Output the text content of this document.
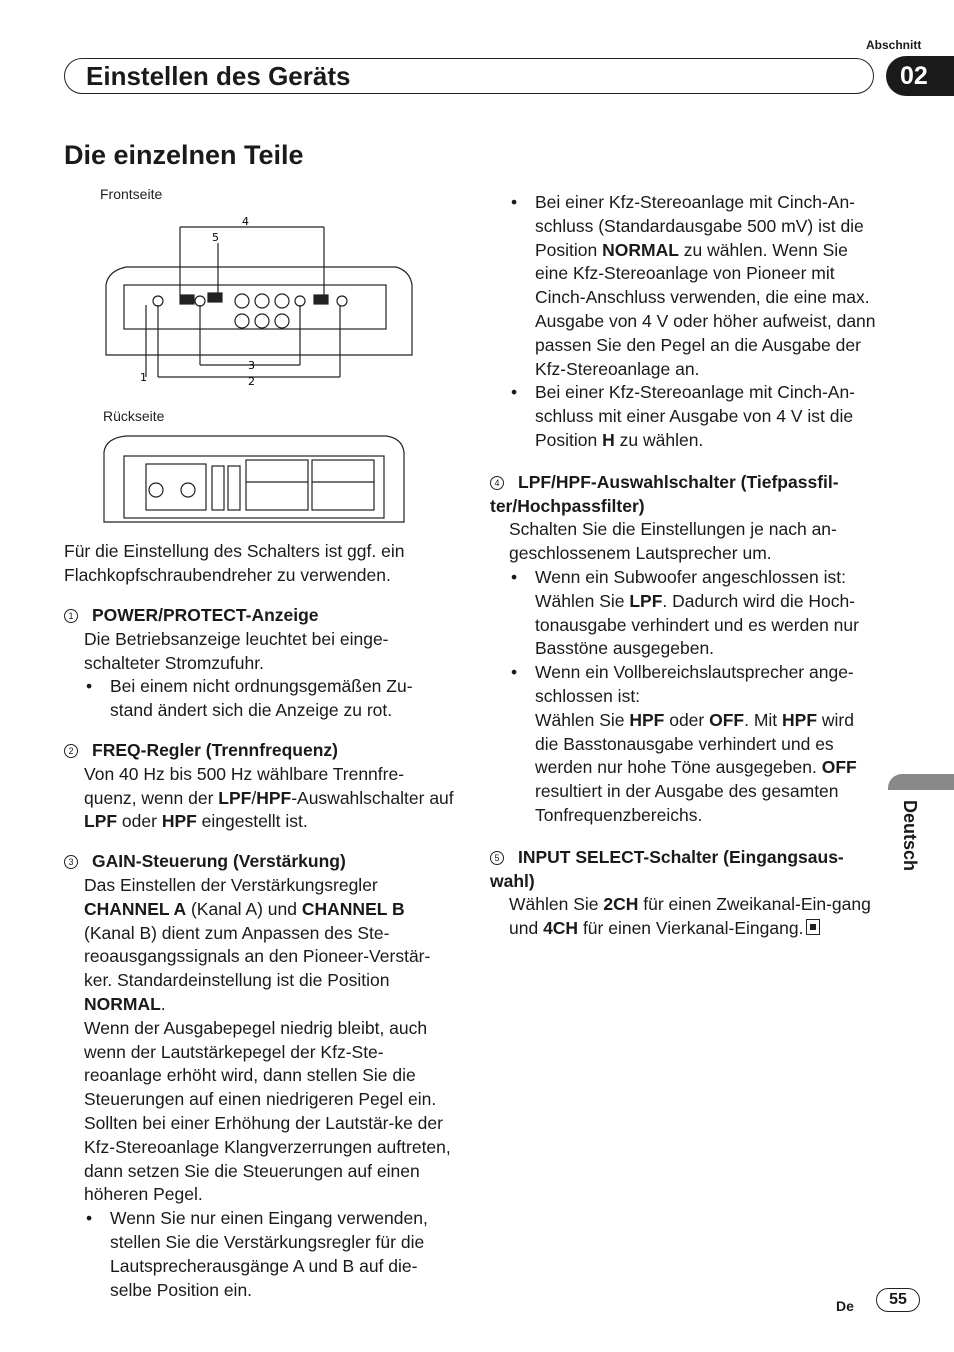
Abschnitt
Einstellen des Geräts	02
Die einzelnen Teile
Frontseite
4
5
3
2
1
Rückseite
Für die Einstellung des Schalters ist ggf. ein Flachkopfschraubendreher zu verwenden.
1 POWER/PROTECT-Anzeige

Die Betriebsanzeige leuchtet bei einge-schalteter Stromzufuhr.

• Bei einem nicht ordnungsgemäßen Zu-stand ändert sich die Anzeige zu rot.

2 FREQ-Regler (Trennfrequenz)

Von 40 Hz bis 500 Hz wählbare Trennfre-quenz, wenn der LPF/HPF-Auswahlschalter auf LPF oder HPF eingestellt ist.

3 GAIN-Steuerung (Verstärkung)

Das Einstellen der Verstärkungsregler CHANNEL A (Kanal A) und CHANNEL B (Kanal B) dient zum Anpassen des Ste-reoausgangssignals an den Pioneer-Verstär-ker. Standardeinstellung ist die Position NORMAL.

Wenn der Ausgabepegel niedrig bleibt, auch wenn der Lautstärkepegel der Kfz-Ste-reoanlage erhöht wird, dann stellen Sie die Steuerungen auf einen niedrigeren Pegel ein. Sollten bei einer Erhöhung der Lautstär-ke der Kfz-Stereoanlage Klangverzerrungen auftreten, dann setzen Sie die Steuerungen auf einen höheren Pegel.

• Wenn Sie nur einen Eingang verwenden, stellen Sie die Verstärkungsregler für die Lautsprecherausgänge A und B auf die-selbe Position ein.

• Bei einer Kfz-Stereoanlage mit Cinch-An-schluss (Standardausgabe 500 mV) ist die Position NORMAL zu wählen. Wenn Sie eine Kfz-Stereoanlage von Pioneer mit Cinch-Anschluss verwenden, die eine max. Ausgabe von 4 V oder höher aufweist, dann passen Sie den Pegel an die Ausgabe der Kfz-Stereoanlage an.

• Bei einer Kfz-Stereoanlage mit Cinch-An-schluss mit einer Ausgabe von 4 V ist die Position H zu wählen.

4 LPF/HPF-Auswahlschalter (Tiefpassfil-ter/Hochpassfilter)

Schalten Sie die Einstellungen je nach an-geschlossenem Lautsprecher um.

• Wenn ein Subwoofer angeschlossen ist: Wählen Sie LPF. Dadurch wird die Hoch-tonausgabe verhindert und es werden nur Basstöne ausgegeben.

• Wenn ein Vollbereichslautsprecher ange-schlossen ist:
Wählen Sie HPF oder OFF. Mit HPF wird die Basstonausgabe verhindert und es werden nur hohe Töne ausgegeben. OFF resultiert in der Ausgabe des gesamten Tonfrequenzbereichs.

5 INPUT SELECT-Schalter (Eingangsaus-wahl)

Wählen Sie 2CH für einen Zweikanal-Ein-gang und 4CH für einen Vierkanal-Eingang.

Deutsch
De	55
